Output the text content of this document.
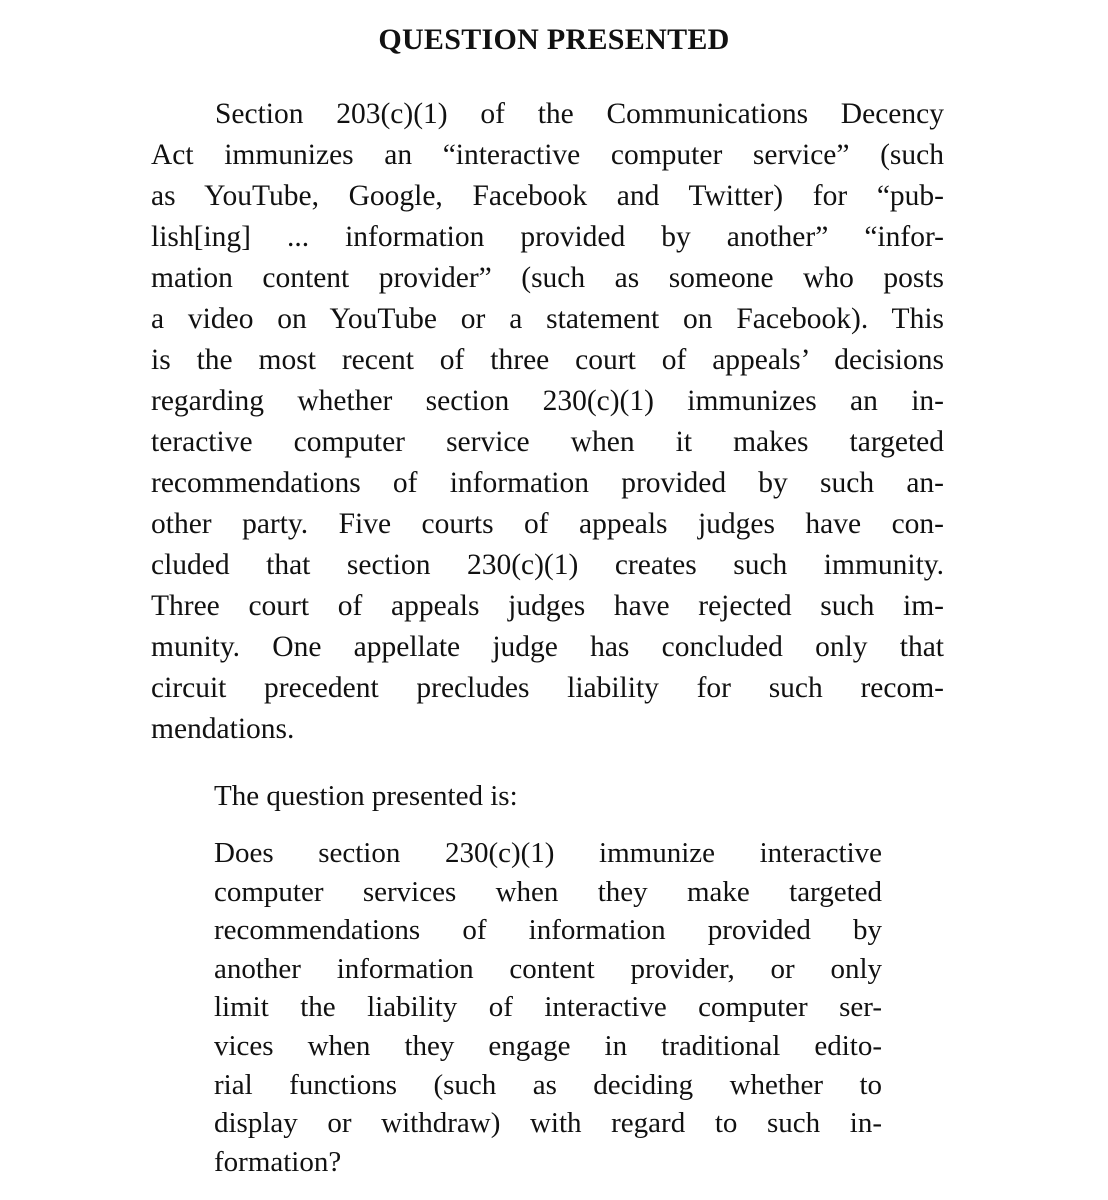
QUESTION PRESENTED
Section 203(c)(1) of the Communications Decency
Act immunizes an “interactive computer service” (such
as YouTube, Google, Facebook and Twitter) for “pub-
lish[ing] ... information provided by another” “infor-
mation content provider” (such as someone who posts
a video on YouTube or a statement on Facebook). This
is the most recent of three court of appeals’ decisions
regarding whether section 230(c)(1) immunizes an in-
teractive computer service when it makes targeted
recommendations of information provided by such an-
other party. Five courts of appeals judges have con-
cluded that section 230(c)(1) creates such immunity.
Three court of appeals judges have rejected such im-
munity. One appellate judge has concluded only that
circuit precedent precludes liability for such recom-
mendations.
The question presented is:
Does section 230(c)(1) immunize interactive
computer services when they make targeted
recommendations of information provided by
another information content provider, or only
limit the liability of interactive computer ser-
vices when they engage in traditional edito-
rial functions (such as deciding whether to
display or withdraw) with regard to such in-
formation?
